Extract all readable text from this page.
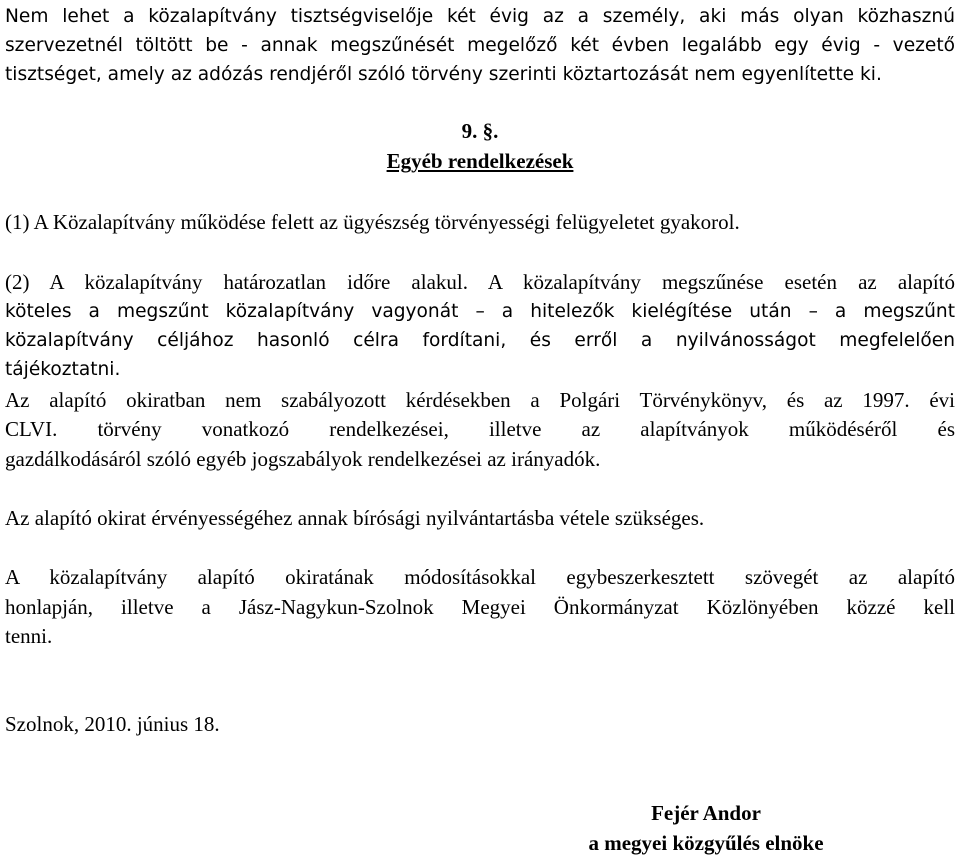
Nem lehet a közalapítvány tisztségviselője két évig az a személy, aki más olyan közhasznú
szervezetnél töltött be - annak megszűnését megelőző két évben legalább egy évig - vezető
tisztséget, amely az adózás rendjéről szóló törvény szerinti köztartozását nem egyenlítette ki.
9. §.
Egyéb rendelkezések
(1) A Közalapítvány működése felett az ügyészség törvényességi felügyeletet gyakorol.
(2) A közalapítvány határozatlan időre alakul. A közalapítvány megszűnése esetén az alapító
köteles a megszűnt közalapítvány vagyonát – a hitelezők kielégítése után – a megszűnt
közalapítvány céljához hasonló célra fordítani, és erről a nyilvánosságot megfelelően
tájékoztatni.
Az alapító okiratban nem szabályozott kérdésekben a Polgári Törvénykönyv, és az 1997. évi
CLVI. törvény vonatkozó rendelkezései, illetve az alapítványok működéséről és
gazdálkodásáról szóló egyéb jogszabályok rendelkezései az irányadók.
Az alapító okirat érvényességéhez annak bírósági nyilvántartásba vétele szükséges.
A közalapítvány alapító okiratának módosításokkal egybeszerkesztett szövegét az alapító
honlapján, illetve a Jász-Nagykun-Szolnok Megyei Önkormányzat Közlönyében közzé kell
tenni.
Szolnok, 2010. június 18.
Fejér Andor
a megyei közgyűlés elnöke
